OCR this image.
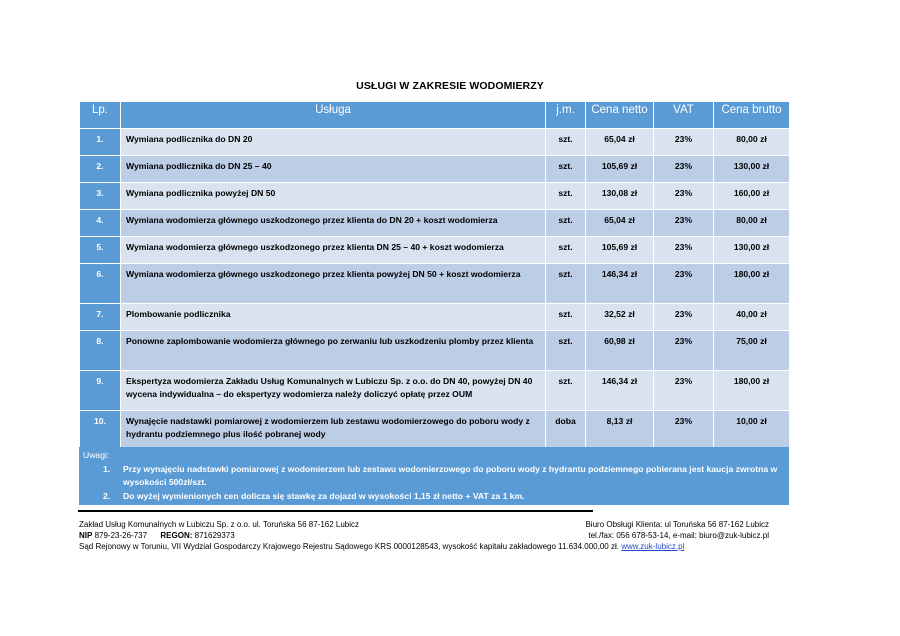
USŁUGI W ZAKRESIE WODOMIERZY
Lp.	Usługa	j.m.	Cena netto	VAT	Cena brutto
1.	Wymiana podlicznika do DN 20	szt.	65,04 zł	23%	80,00 zł
2.	Wymiana podlicznika do DN 25 – 40	szt.	105,69 zł	23%	130,00 zł
3.	Wymiana podlicznika powyżej DN 50	szt.	130,08 zł	23%	160,00 zł
4.	Wymiana wodomierza głównego uszkodzonego przez klienta do DN 20 + koszt wodomierza	szt.	65,04 zł	23%	80,00 zł
5.	Wymiana wodomierza głównego uszkodzonego przez klienta DN 25 – 40 + koszt wodomierza	szt.	105,69 zł	23%	130,00 zł
6.	Wymiana wodomierza głównego uszkodzonego przez klienta powyżej DN 50 + koszt wodomierza	szt.	146,34 zł	23%	180,00 zł
7.	Plombowanie podlicznika	szt.	32,52 zł	23%	40,00 zł
8.	Ponowne zaplombowanie wodomierza głównego po zerwaniu lub uszkodzeniu plomby przez klienta	szt.	60,98 zł	23%	75,00 zł
9.	Ekspertyza wodomierza Zakładu Usług Komunalnych w Lubiczu Sp. z o.o. do DN 40, powyżej DN 40 wycena indywidualna – do ekspertyzy wodomierza należy doliczyć opłatę przez OUM	szt.	146,34 zł	23%	180,00 zł
10.	Wynajęcie nadstawki pomiarowej z wodomierzem lub zestawu wodomierzowego do poboru wody z hydrantu podziemnego plus ilość pobranej wody	doba	8,13 zł	23%	10,00 zł
Uwagi:
1.	Przy wynajęciu nadstawki pomiarowej z wodomierzem lub zestawu wodomierzowego do poboru wody z hydrantu podziemnego pobierana jest kaucja zwrotna w wysokości 500zł/szt.
2.	Do wyżej wymienionych cen dolicza się stawkę za dojazd w wysokości 1,15 zł netto + VAT za 1 km.
Zakład Usług Komunalnych w Lubiczu Sp. z o.o. ul. Toruńska 56 87-162 Lubicz	Biuro Obsługi Klienta: ul Toruńska 56 87-162 Lubicz
NIP 879-23-26-737 REGON: 871629373	tel./fax: 056 678-53-14, e-mail: biuro@zuk-lubicz.pl
Sąd Rejonowy w Toruniu, VII Wydział Gospodarczy Krajowego Rejestru Sądowego KRS 0000128543, wysokość kapitału zakładowego 11.634.000,00 zł. www.zuk-lubicz.pl
